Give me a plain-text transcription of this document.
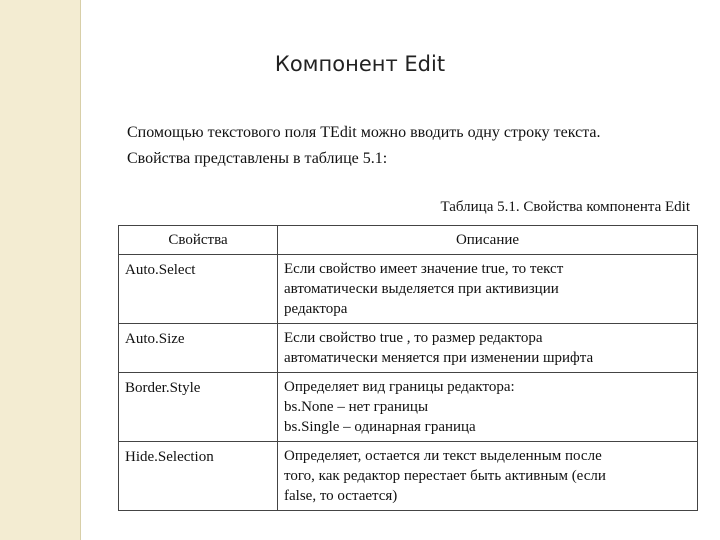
Компонент Edit
Спомощью текстового поля TEdit можно вводить одну строку текста.
Свойства представлены в таблице 5.1:
Таблица 5.1. Свойства компонента Edit
Свойства	Описание
Auto.Select	Если свойство имеет значение true, то текст
автоматически выделяется при активизции
редактора

Auto.Size	Если свойство true , то размер редактора
автоматически меняется при изменении шрифта

Border.Style	Определяет вид границы редактора:
bs.None – нет границы
bs.Single – одинарная граница

Hide.Selection	Определяет, остается ли текст выделенным после
того, как редактор перестает быть активным (если
false, то остается)
